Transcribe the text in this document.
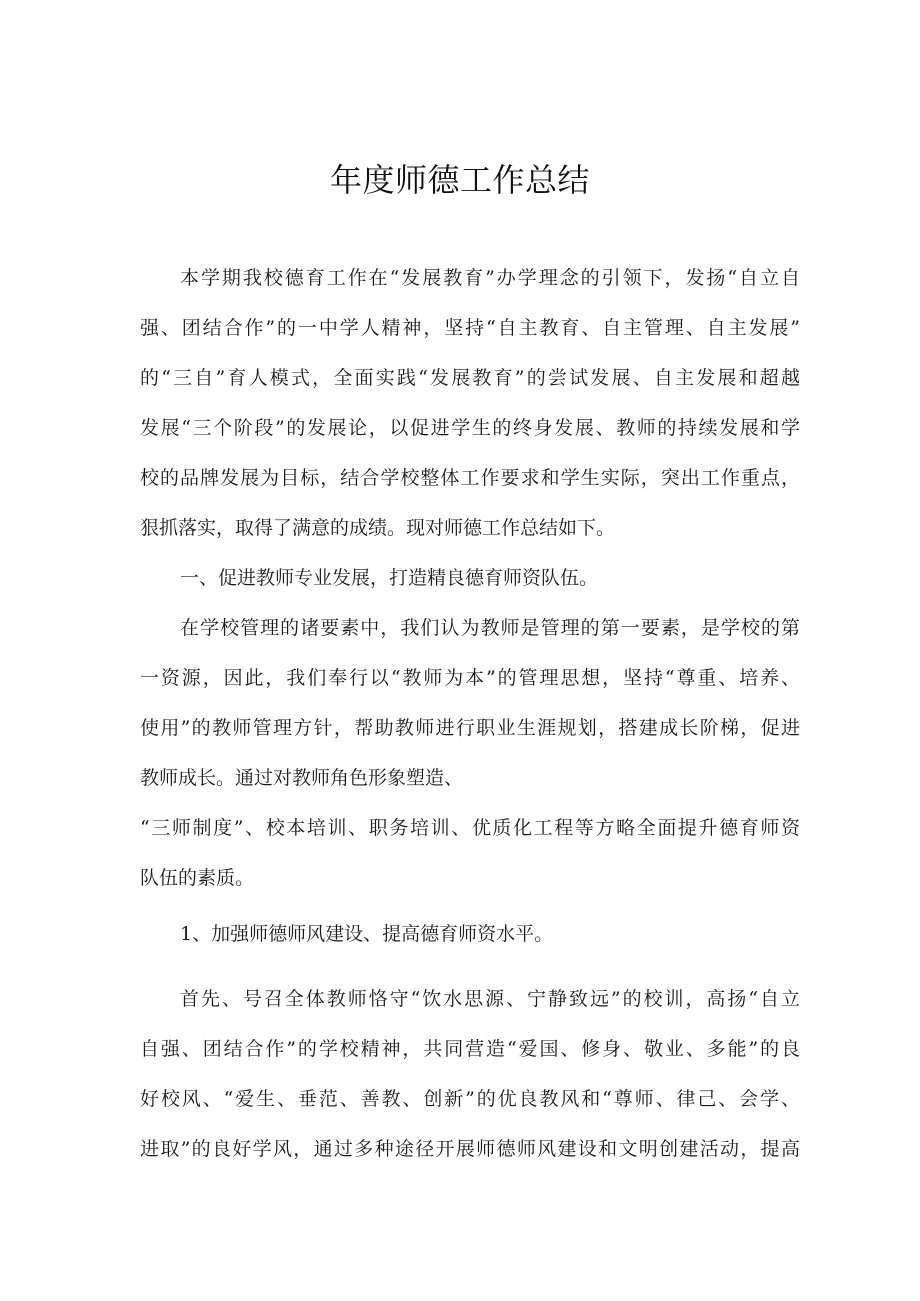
年度师德工作总结

本学期我校德育工作在“发展教育”办学理念的引领下，发扬“自立自

强、团结合作”的一中学人精神，坚持“自主教育、自主管理、自主发展”

的“三自”育人模式，全面实践“发展教育”的尝试发展、自主发展和超越

发展“三个阶段”的发展论，以促进学生的终身发展、教师的持续发展和学

校的品牌发展为目标，结合学校整体工作要求和学生实际，突出工作重点，

狠抓落实，取得了满意的成绩。现对师德工作总结如下。

一、促进教师专业发展，打造精良德育师资队伍。

在学校管理的诸要素中，我们认为教师是管理的第一要素，是学校的第

一资源，因此，我们奉行以“教师为本”的管理思想，坚持“尊重、培养、

使用”的教师管理方针，帮助教师进行职业生涯规划，搭建成长阶梯，促进

教师成长。通过对教师角色形象塑造、

“三师制度”、校本培训、职务培训、优质化工程等方略全面提升德育师资

队伍的素质。

1、加强师德师风建设、提高德育师资水平。

首先、号召全体教师恪守“饮水思源、宁静致远”的校训，高扬“自立

自强、团结合作”的学校精神，共同营造“爱国、修身、敬业、多能”的良

好校风、“爱生、垂范、善教、创新”的优良教风和“尊师、律己、会学、

进取”的良好学风，通过多种途径开展师德师风建设和文明创建活动，提高
